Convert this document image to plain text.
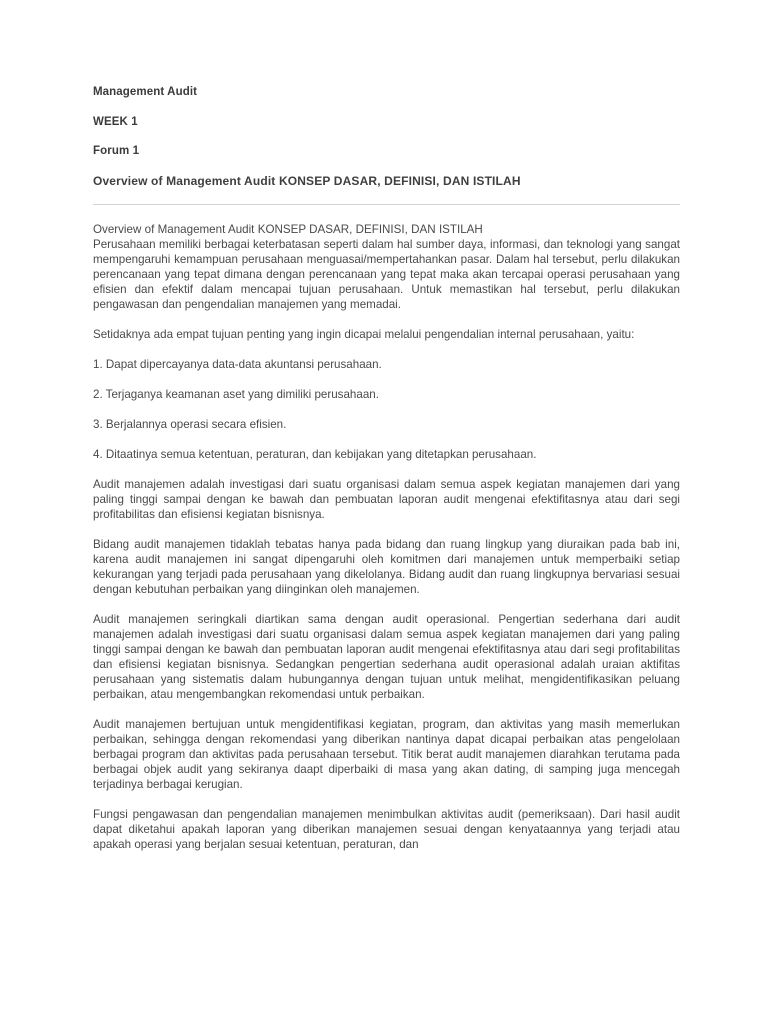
Management Audit
WEEK 1
Forum 1
Overview of Management Audit KONSEP DASAR, DEFINISI, DAN ISTILAH

Overview of Management Audit KONSEP DASAR, DEFINISI, DAN ISTILAH

Perusahaan memiliki berbagai keterbatasan seperti dalam hal sumber daya, informasi, dan teknologi yang sangat mempengaruhi kemampuan perusahaan menguasai/mempertahankan pasar. Dalam hal tersebut, perlu dilakukan perencanaan yang tepat dimana dengan perencanaan yang tepat maka akan tercapai operasi perusahaan yang efisien dan efektif dalam mencapai tujuan perusahaan. Untuk memastikan hal tersebut, perlu dilakukan pengawasan dan pengendalian manajemen yang memadai.

Setidaknya ada empat tujuan penting yang ingin dicapai melalui pengendalian internal perusahaan, yaitu:

1. Dapat dipercayanya data-data akuntansi perusahaan.

2. Terjaganya keamanan aset yang dimiliki perusahaan.

3. Berjalannya operasi secara efisien.

4. Ditaatinya semua ketentuan, peraturan, dan kebijakan yang ditetapkan perusahaan.

Audit manajemen adalah investigasi dari suatu organisasi dalam semua aspek kegiatan manajemen dari yang paling tinggi sampai dengan ke bawah dan pembuatan laporan audit mengenai efektifitasnya atau dari segi profitabilitas dan efisiensi kegiatan bisnisnya.

Bidang audit manajemen tidaklah tebatas hanya pada bidang dan ruang lingkup yang diuraikan pada bab ini, karena audit manajemen ini sangat dipengaruhi oleh komitmen dari manajemen untuk memperbaiki setiap kekurangan yang terjadi pada perusahaan yang dikelolanya. Bidang audit dan ruang lingkupnya bervariasi sesuai dengan kebutuhan perbaikan yang diinginkan oleh manajemen.

Audit manajemen seringkali diartikan sama dengan audit operasional. Pengertian sederhana dari audit manajemen adalah investigasi dari suatu organisasi dalam semua aspek kegiatan manajemen dari yang paling tinggi sampai dengan ke bawah dan pembuatan laporan audit mengenai efektifitasnya atau dari segi profitabilitas dan efisiensi kegiatan bisnisnya. Sedangkan pengertian sederhana audit operasional adalah uraian aktifitas perusahaan yang sistematis dalam hubungannya dengan tujuan untuk melihat, mengidentifikasikan peluang perbaikan, atau mengembangkan rekomendasi untuk perbaikan.

Audit manajemen bertujuan untuk mengidentifikasi kegiatan, program, dan aktivitas yang masih memerlukan perbaikan, sehingga dengan rekomendasi yang diberikan nantinya dapat dicapai perbaikan atas pengelolaan berbagai program dan aktivitas pada perusahaan tersebut. Titik berat audit manajemen diarahkan terutama pada berbagai objek audit yang sekiranya daapt diperbaiki di masa yang akan dating, di samping juga mencegah terjadinya berbagai kerugian.

Fungsi pengawasan dan pengendalian manajemen menimbulkan aktivitas audit (pemeriksaan). Dari hasil audit dapat diketahui apakah laporan yang diberikan manajemen sesuai dengan kenyataannya yang terjadi atau apakah operasi yang berjalan sesuai ketentuan, peraturan, dan
